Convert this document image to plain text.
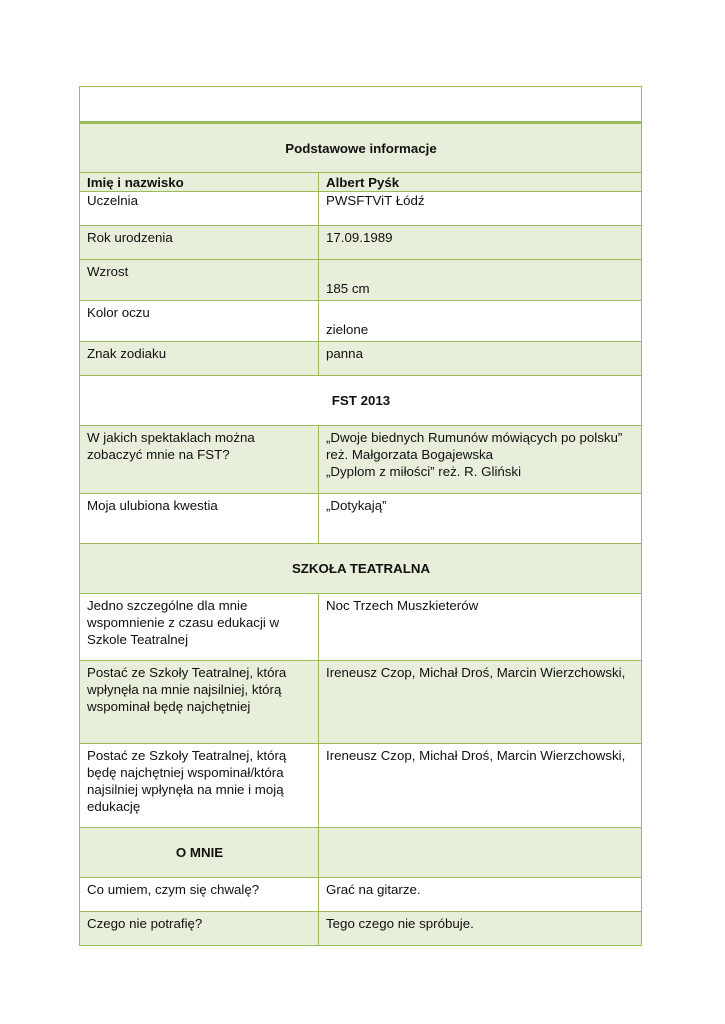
Podstawowe informacje	
Imię i nazwisko	Albert Pyśk
Uczelnia	PWSFTViT Łódź
Rok urodzenia	17.09.1989
Wzrost	185 cm
Kolor oczu	zielone
Znak zodiaku	panna
FST 2013	
W jakich spektaklach można zobaczyć mnie na FST?	„Dwoje biednych Rumunów mówiących po polsku” reż. Małgorzata Bogajewska
„Dyplom z miłości” reż. R. Gliński

Moja ulubiona kwestia	„Dotykają”
SZKOŁA TEATRALNA	
Jedno szczególne dla mnie wspomnienie z czasu edukacji w Szkole Teatralnej	Noc Trzech Muszkieterów
Postać ze Szkoły Teatralnej, która wpłynęła na mnie najsilniej, którą wspominał będę najchętniej	Ireneusz Czop, Michał Droś, Marcin Wierzchowski,
Postać ze Szkoły Teatralnej, którą będę najchętniej wspominał/która najsilniej wpłynęła na mnie i moją edukację	Ireneusz Czop, Michał Droś, Marcin Wierzchowski,
O MNIE	
Co umiem, czym się chwalę?	Grać na gitarze.
Czego nie potrafię?	Tego czego nie spróbuje.
